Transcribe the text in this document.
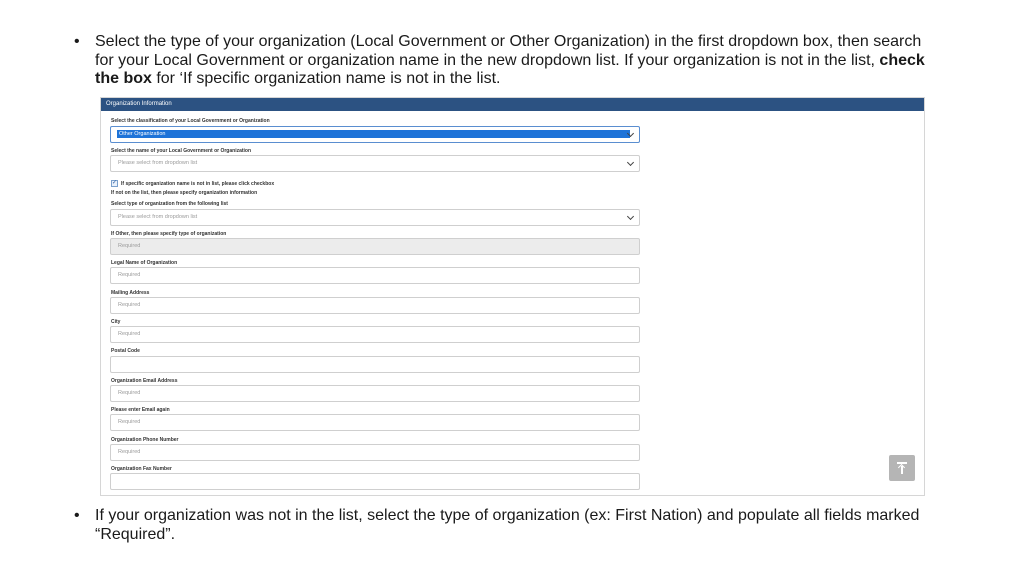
• Select the type of your organization (Local Government or Other Organization) in the first dropdown box, then search for your Local Government or organization name in the new dropdown list. If your organization is not in the list, check the box for ‘If specific organization name is not in the list.
Organization Information
Select the classification of your Local Government or Organization
Other Organization
Select the name of your Local Government or Organization
Please select from dropdown list
✓ If specific organization name is not in list, please click checkbox
If not on the list, then please specify organization information
Select type of organization from the following list
Please select from dropdown list
If Other, then please specify type of organization
Required
Legal Name of Organization
Required
Mailing Address
Required
City
Required
Postal Code
Organization Email Address
Required
Please enter Email again
Required
Organization Phone Number
Required
Organization Fax Number
• If your organization was not in the list, select the type of organization (ex: First Nation) and populate all fields marked “Required”.
